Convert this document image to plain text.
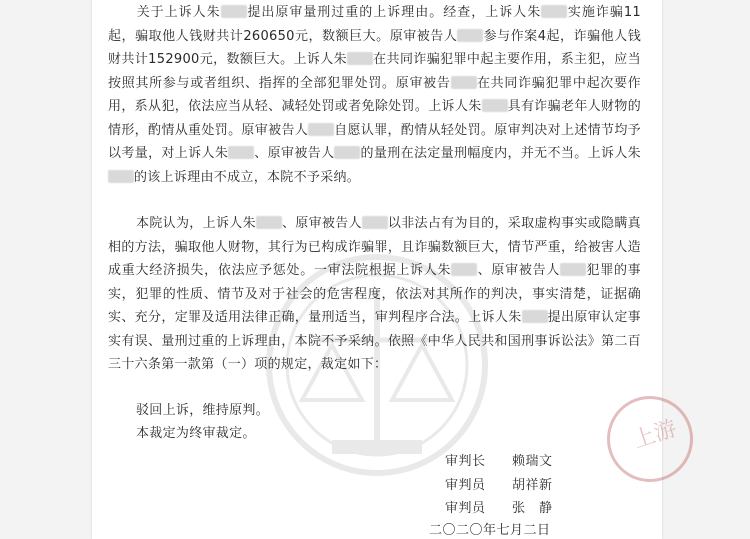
关于上诉人朱 提出原审量刑过重的上诉理由。经查，上诉人朱 实施诈骗11起，骗取他人钱财共计260650元，数额巨大。原审被告人 参与作案4起，诈骗他人钱财共计152900元，数额巨大。上诉人朱 在共同诈骗犯罪中起主要作用，系主犯，应当按照其所参与或者组织、指挥的全部犯罪处罚。原审被告 在共同诈骗犯罪中起次要作用，系从犯，依法应当从轻、减轻处罚或者免除处罚。上诉人朱 具有诈骗老年人财物的情形，酌情从重处罚。原审被告人 自愿认罪，酌情从轻处罚。原审判决对上述情节均予以考量，对上诉人朱 、原审被告人 的量刑在法定量刑幅度内，并无不当。上诉人朱的该上诉理由不成立，本院不予采纳。

本院认为，上诉人朱 、原审被告人 以非法占有为目的，采取虚构事实或隐瞒真相的方法，骗取他人财物，其行为已构成诈骗罪，且诈骗数额巨大，情节严重，给被害人造成重大经济损失，依法应予惩处。一审法院根据上诉人朱 、原审被告人 犯罪的事实，犯罪的性质、情节及对于社会的危害程度，依法对其所作的判决，事实清楚，证据确实、充分，定罪及适用法律正确，量刑适当，审判程序合法。上诉人朱 提出原审认定事实有误、量刑过重的上诉理由，本院不予采纳。依照《中华人民共和国刑事诉讼法》第二百三十六条第一款第（一）项的规定，裁定如下：

驳回上诉，维持原判。

本裁定为终审裁定。

审判长 赖瑞文
审判员 胡祥新
审判员 张　静
二〇二〇年七月二日
上游
